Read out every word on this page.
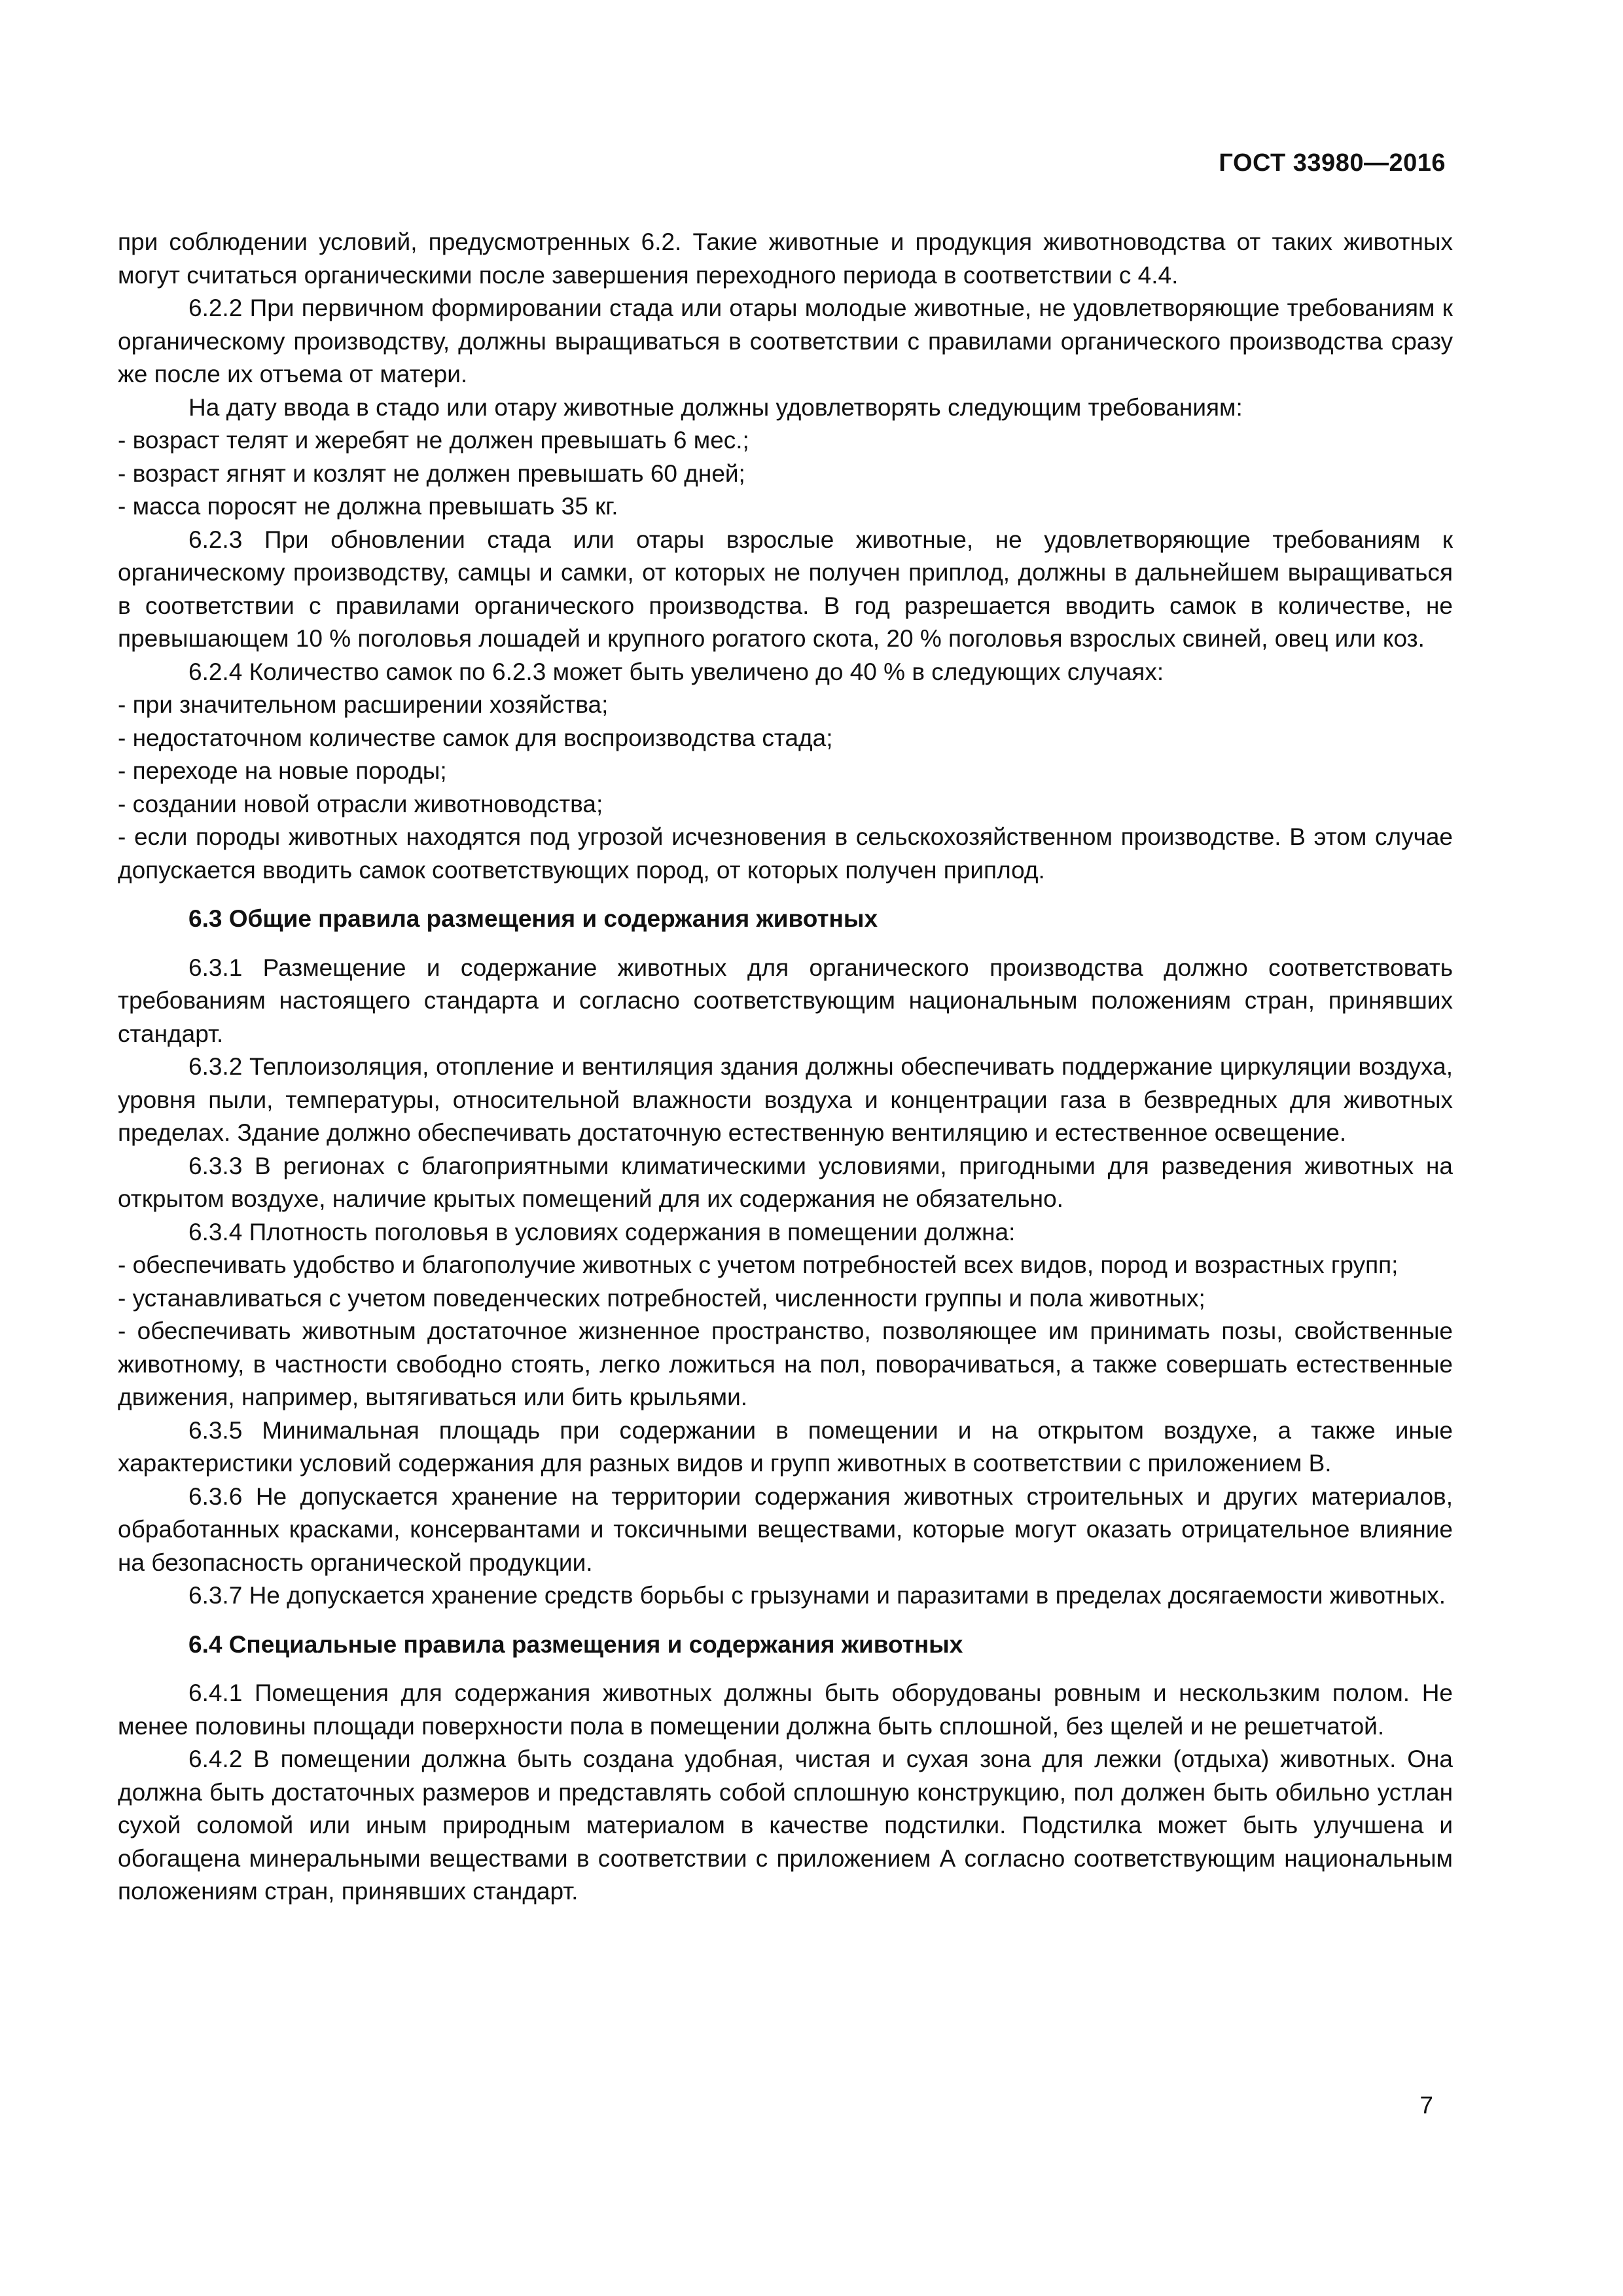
ГОСТ 33980—2016

при соблюдении условий, предусмотренных 6.2. Такие животные и продукция животноводства от таких животных могут считаться органическими после завершения переходного периода в соответствии с 4.4.

6.2.2 При первичном формировании стада или отары молодые животные, не удовлетворяющие требованиям к органическому производству, должны выращиваться в соответствии с правилами органического производства сразу же после их отъема от матери.

На дату ввода в стадо или отару животные должны удовлетворять следующим требованиям:

- возраст телят и жеребят не должен превышать 6 мес.;

- возраст ягнят и козлят не должен превышать 60 дней;

- масса поросят не должна превышать 35 кг.

6.2.3 При обновлении стада или отары взрослые животные, не удовлетворяющие требованиям к органическому производству, самцы и самки, от которых не получен приплод, должны в дальнейшем выращиваться в соответствии с правилами органического производства. В год разрешается вводить самок в количестве, не превышающем 10 % поголовья лошадей и крупного рогатого скота, 20 % поголовья взрослых свиней, овец или коз.

6.2.4 Количество самок по 6.2.3 может быть увеличено до 40 % в следующих случаях:

- при значительном расширении хозяйства;

- недостаточном количестве самок для воспроизводства стада;

- переходе на новые породы;

- создании новой отрасли животноводства;

- если породы животных находятся под угрозой исчезновения в сельскохозяйственном производстве. В этом случае допускается вводить самок соответствующих пород, от которых получен приплод.

6.3 Общие правила размещения и содержания животных

6.3.1 Размещение и содержание животных для органического производства должно соответствовать требованиям настоящего стандарта и согласно соответствующим национальным положениям стран, принявших стандарт.

6.3.2 Теплоизоляция, отопление и вентиляция здания должны обеспечивать поддержание циркуляции воздуха, уровня пыли, температуры, относительной влажности воздуха и концентрации газа в безвредных для животных пределах. Здание должно обеспечивать достаточную естественную вентиляцию и естественное освещение.

6.3.3 В регионах с благоприятными климатическими условиями, пригодными для разведения животных на открытом воздухе, наличие крытых помещений для их содержания не обязательно.

6.3.4 Плотность поголовья в условиях содержания в помещении должна:

- обеспечивать удобство и благополучие животных с учетом потребностей всех видов, пород и возрастных групп;

- устанавливаться с учетом поведенческих потребностей, численности группы и пола животных;

- обеспечивать животным достаточное жизненное пространство, позволяющее им принимать позы, свойственные животному, в частности свободно стоять, легко ложиться на пол, поворачиваться, а также совершать естественные движения, например, вытягиваться или бить крыльями.

6.3.5 Минимальная площадь при содержании в помещении и на открытом воздухе, а также иные характеристики условий содержания для разных видов и групп животных в соответствии с приложением В.

6.3.6 Не допускается хранение на территории содержания животных строительных и других материалов, обработанных красками, консервантами и токсичными веществами, которые могут оказать отрицательное влияние на безопасность органической продукции.

6.3.7 Не допускается хранение средств борьбы с грызунами и паразитами в пределах досягаемости животных.

6.4 Специальные правила размещения и содержания животных

6.4.1 Помещения для содержания животных должны быть оборудованы ровным и нескользким полом. Не менее половины площади поверхности пола в помещении должна быть сплошной, без щелей и не решетчатой.

6.4.2 В помещении должна быть создана удобная, чистая и сухая зона для лежки (отдыха) животных. Она должна быть достаточных размеров и представлять собой сплошную конструкцию, пол должен быть обильно устлан сухой соломой или иным природным материалом в качестве подстилки. Подстилка может быть улучшена и обогащена минеральными веществами в соответствии с приложением А согласно соответствующим национальным положениям стран, принявших стандарт.

7
